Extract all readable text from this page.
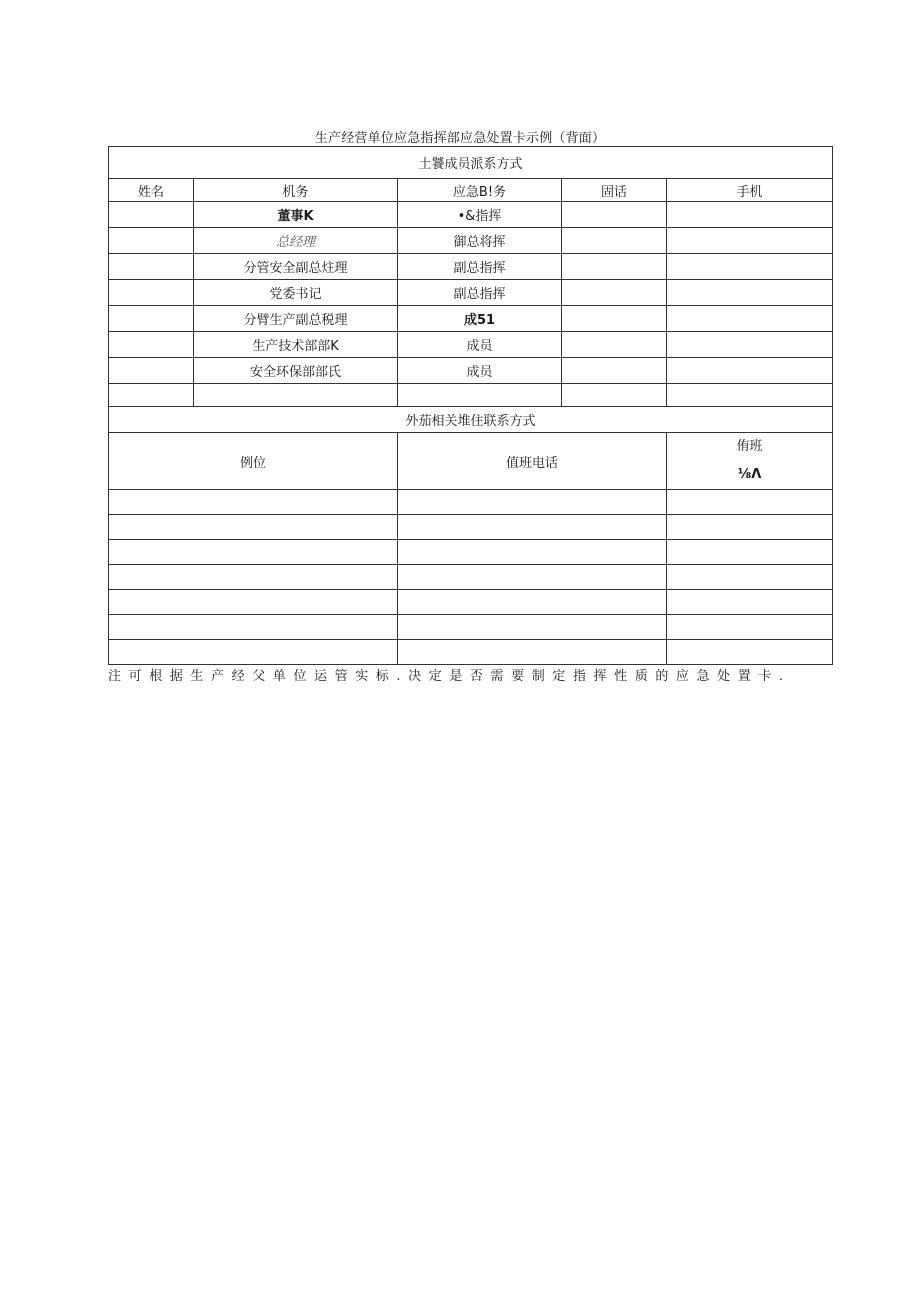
生产经营单位应急指挥部应急处置卡示例（背面）
土饕成员派系方式				
姓名	机务	应急B!务	固话	手机
	董事K	•&指挥		
	总经理	御总将挥		
	分管安全副总炷理	副总指挥		
	党委书记	副总指挥		
	分臂生产副总税理	成51		
	生产技术部部K	成员		
	安全环保部部氏	成员		

外茄相关堆住联系方式				
例位		值班电话		侑班
⅛Λ

注可根据生产经父单位运管实标.决定是否需要制定指挥性质的应急处置卡.
